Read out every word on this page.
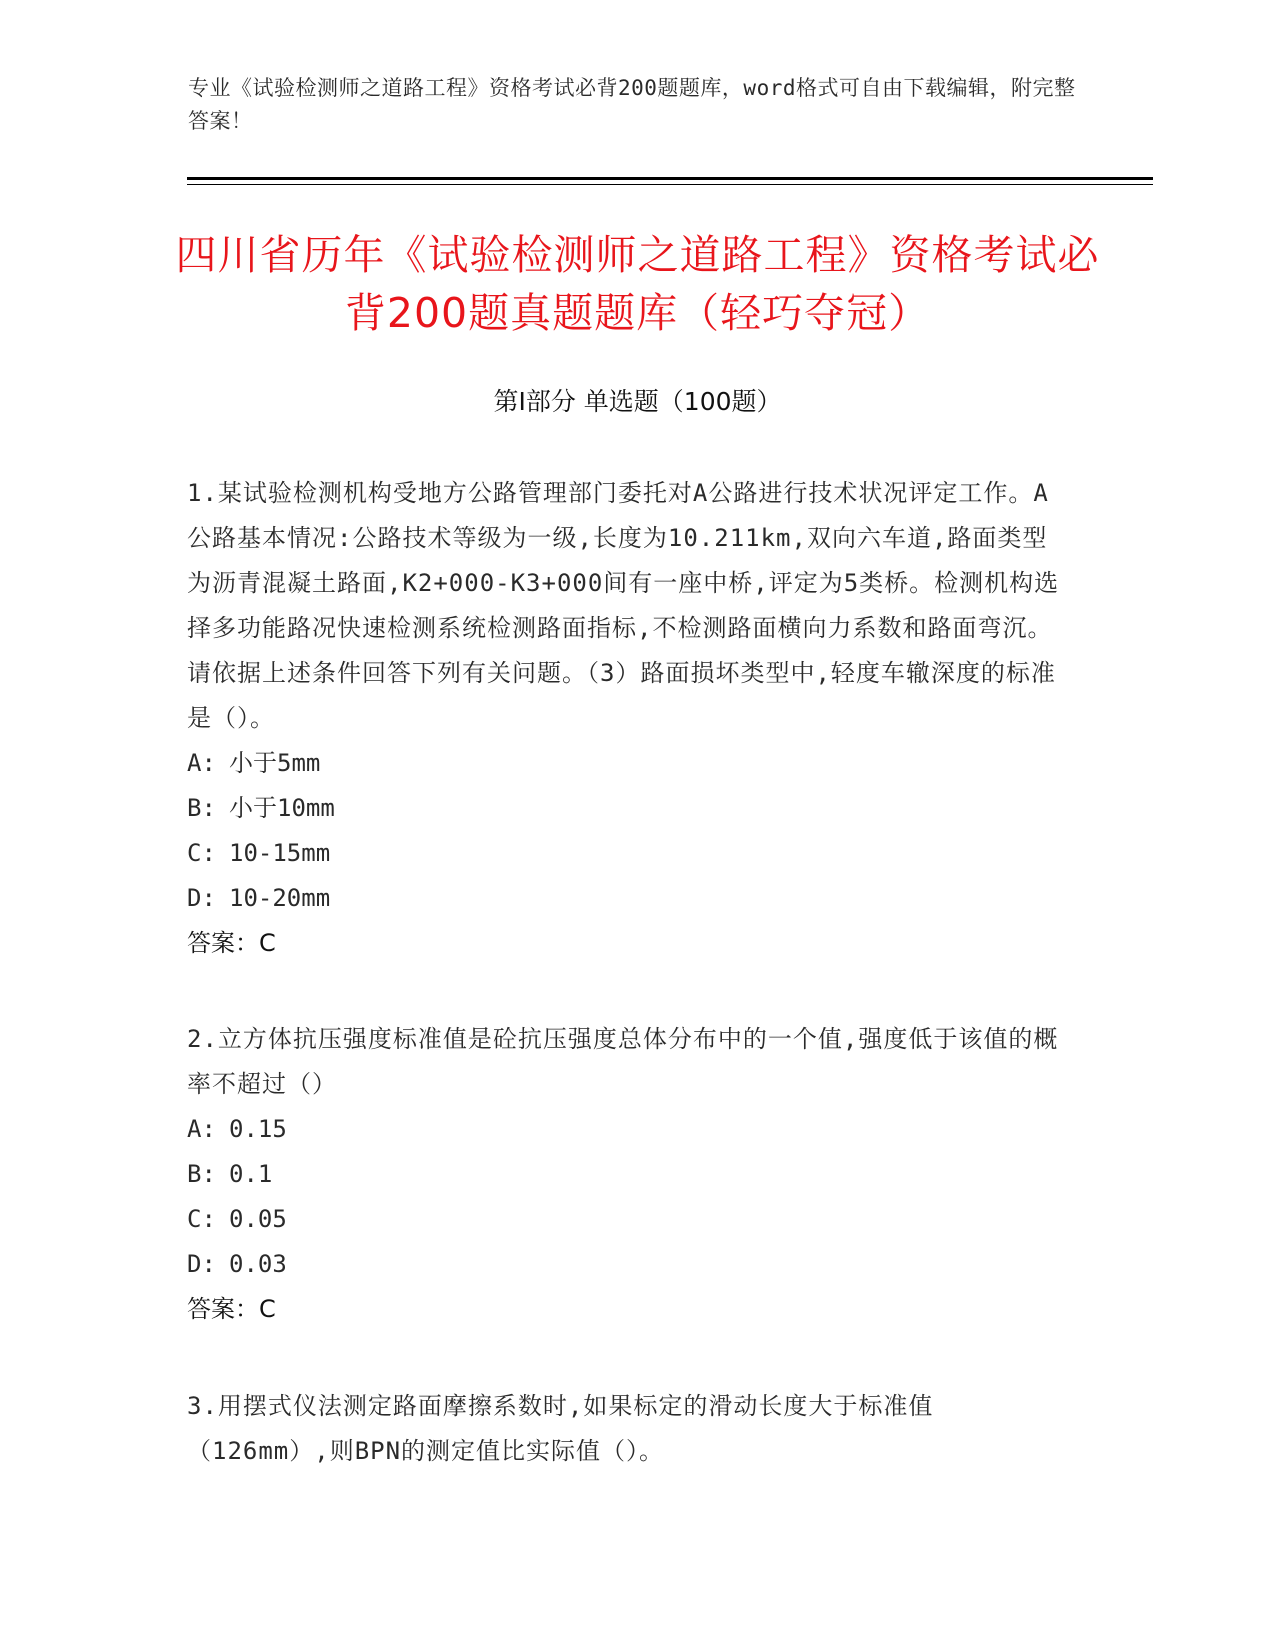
专业《试验检测师之道路工程》资格考试必背200题题库，word格式可自由下载编辑，附完整答案！
四川省历年《试验检测师之道路工程》资格考试必背200题真题题库（轻巧夺冠）
第I部分 单选题（100题）
1.某试验检测机构受地方公路管理部门委托对A公路进行技术状况评定工作。A公路基本情况:公路技术等级为一级,长度为10.211km,双向六车道,路面类型为沥青混凝土路面,K2+000-K3+000间有一座中桥,评定为5类桥。检测机构选择多功能路况快速检测系统检测路面指标,不检测路面横向力系数和路面弯沉。请依据上述条件回答下列有关问题。（3）路面损坏类型中,轻度车辙深度的标准是（）。
A: 小于5mm
B: 小于10mm
C: 10-15mm
D: 10-20mm
答案：C
2.立方体抗压强度标准值是砼抗压强度总体分布中的一个值,强度低于该值的概率不超过（）
A: 0.15
B: 0.1
C: 0.05
D: 0.03
答案：C
3.用摆式仪法测定路面摩擦系数时,如果标定的滑动长度大于标准值（126mm）,则BPN的测定值比实际值（）。
